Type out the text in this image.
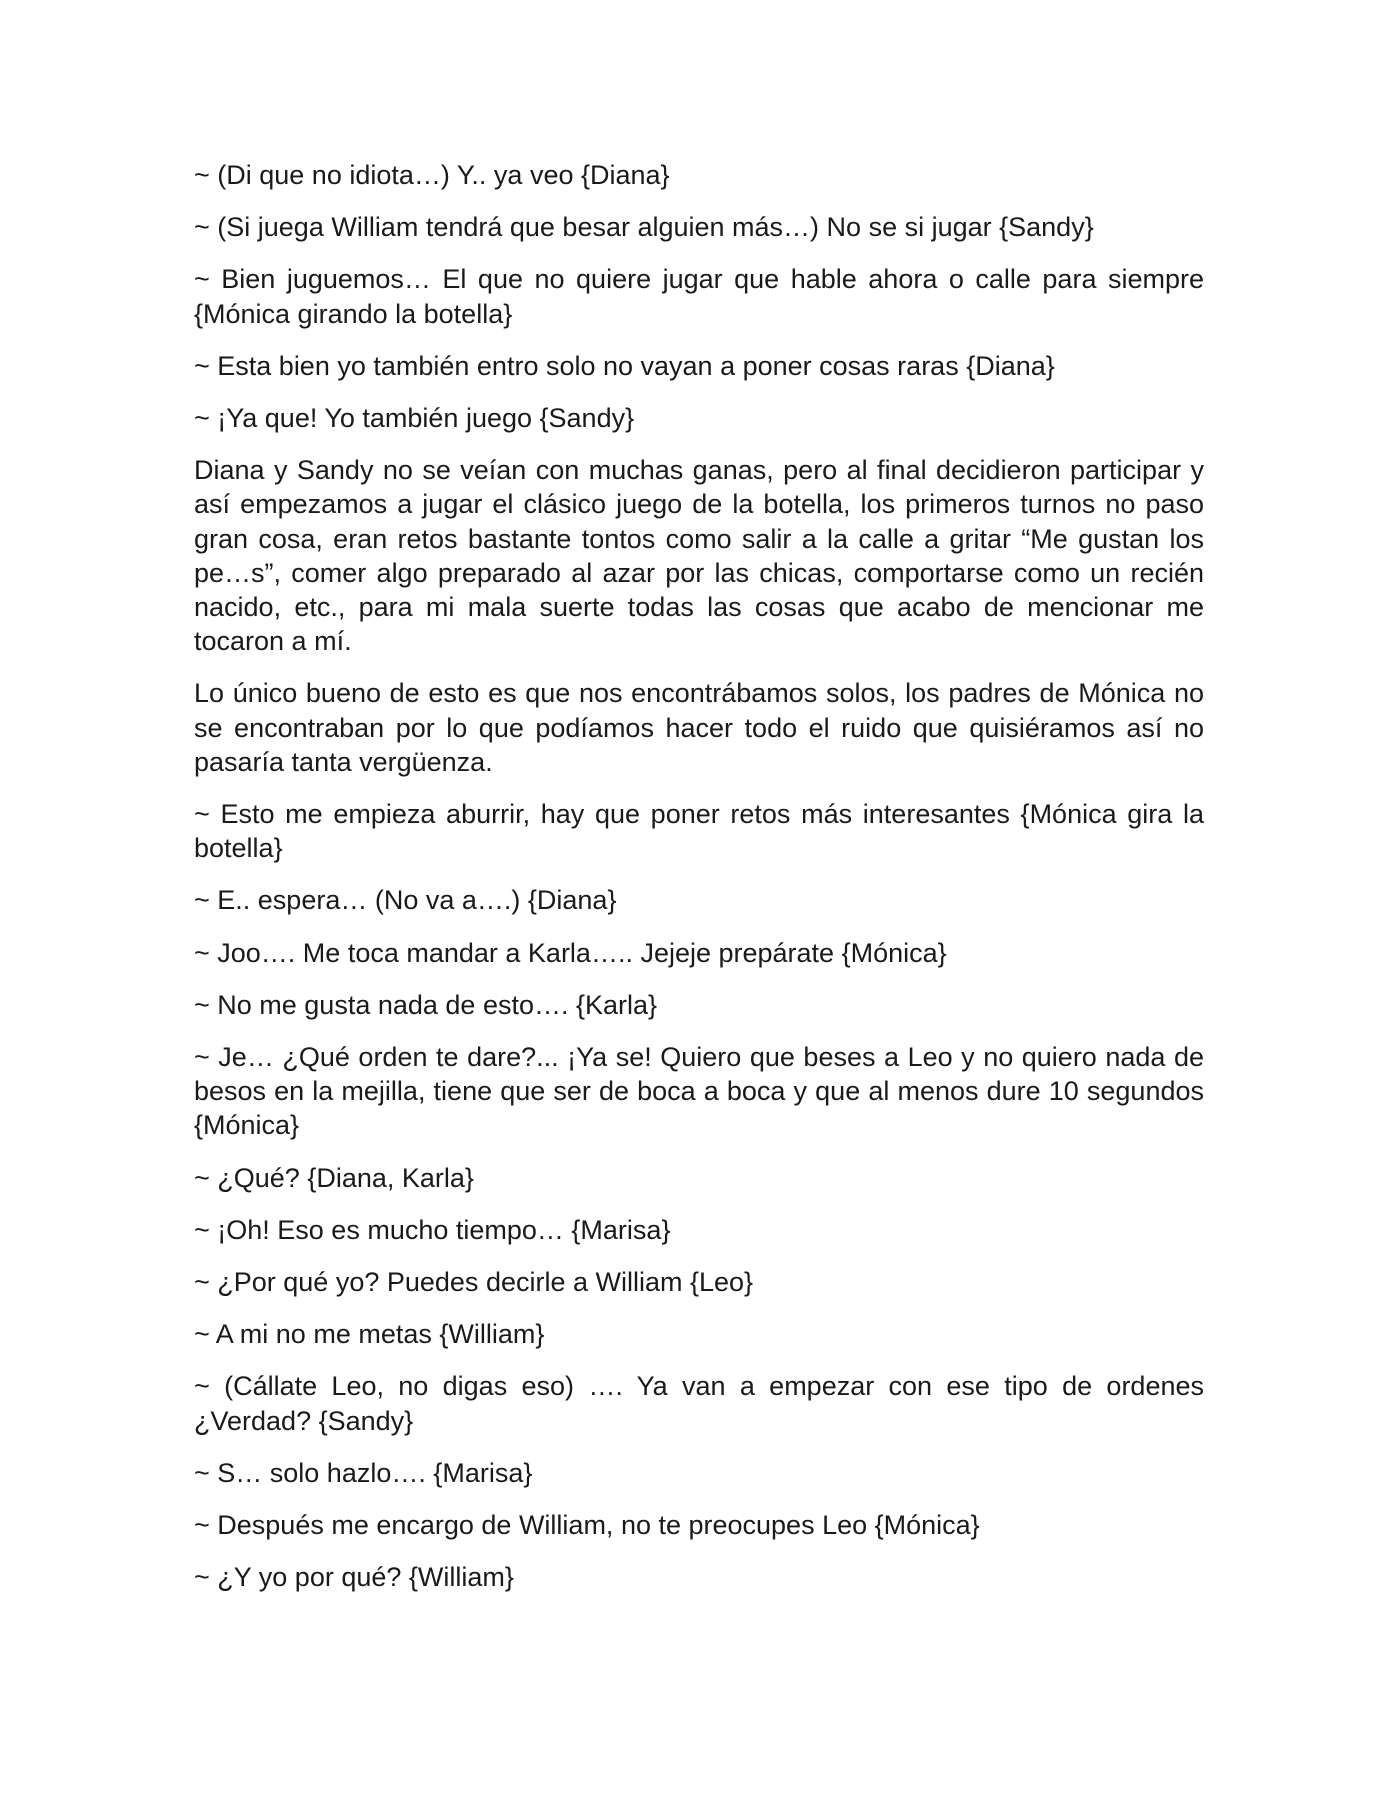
~ (Di que no idiota…) Y.. ya veo {Diana}

~ (Si juega William tendrá que besar alguien más…) No se si jugar {Sandy}

~ Bien juguemos… El que no quiere jugar que hable ahora o calle para siempre {Mónica girando la botella}

~ Esta bien yo también entro solo no vayan a poner cosas raras {Diana}

~ ¡Ya que! Yo también juego {Sandy}

Diana y Sandy no se veían con muchas ganas, pero al final decidieron participar y así empezamos a jugar el clásico juego de la botella, los primeros turnos no paso gran cosa, eran retos bastante tontos como salir a la calle a gritar “Me gustan los pe…s”, comer algo preparado al azar por las chicas, comportarse como un recién nacido, etc., para mi mala suerte todas las cosas que acabo de mencionar me tocaron a mí.

Lo único bueno de esto es que nos encontrábamos solos, los padres de Mónica no se encontraban por lo que podíamos hacer todo el ruido que quisiéramos así no pasaría tanta vergüenza.

~ Esto me empieza aburrir, hay que poner retos más interesantes {Mónica gira la botella}

~ E.. espera… (No va a….) {Diana}

~ Joo…. Me toca mandar a Karla….. Jejeje prepárate {Mónica}

~ No me gusta nada de esto…. {Karla}

~ Je… ¿Qué orden te dare?... ¡Ya se! Quiero que beses a Leo y no quiero nada de besos en la mejilla, tiene que ser de boca a boca y que al menos dure 10 segundos {Mónica}

~ ¿Qué? {Diana, Karla}

~ ¡Oh! Eso es mucho tiempo… {Marisa}

~ ¿Por qué yo? Puedes decirle a William {Leo}

~ A mi no me metas {William}

~ (Cállate Leo, no digas eso) …. Ya van a empezar con ese tipo de ordenes ¿Verdad? {Sandy}

~ S… solo hazlo…. {Marisa}

~ Después me encargo de William, no te preocupes Leo {Mónica}

~ ¿Y yo por qué? {William}
